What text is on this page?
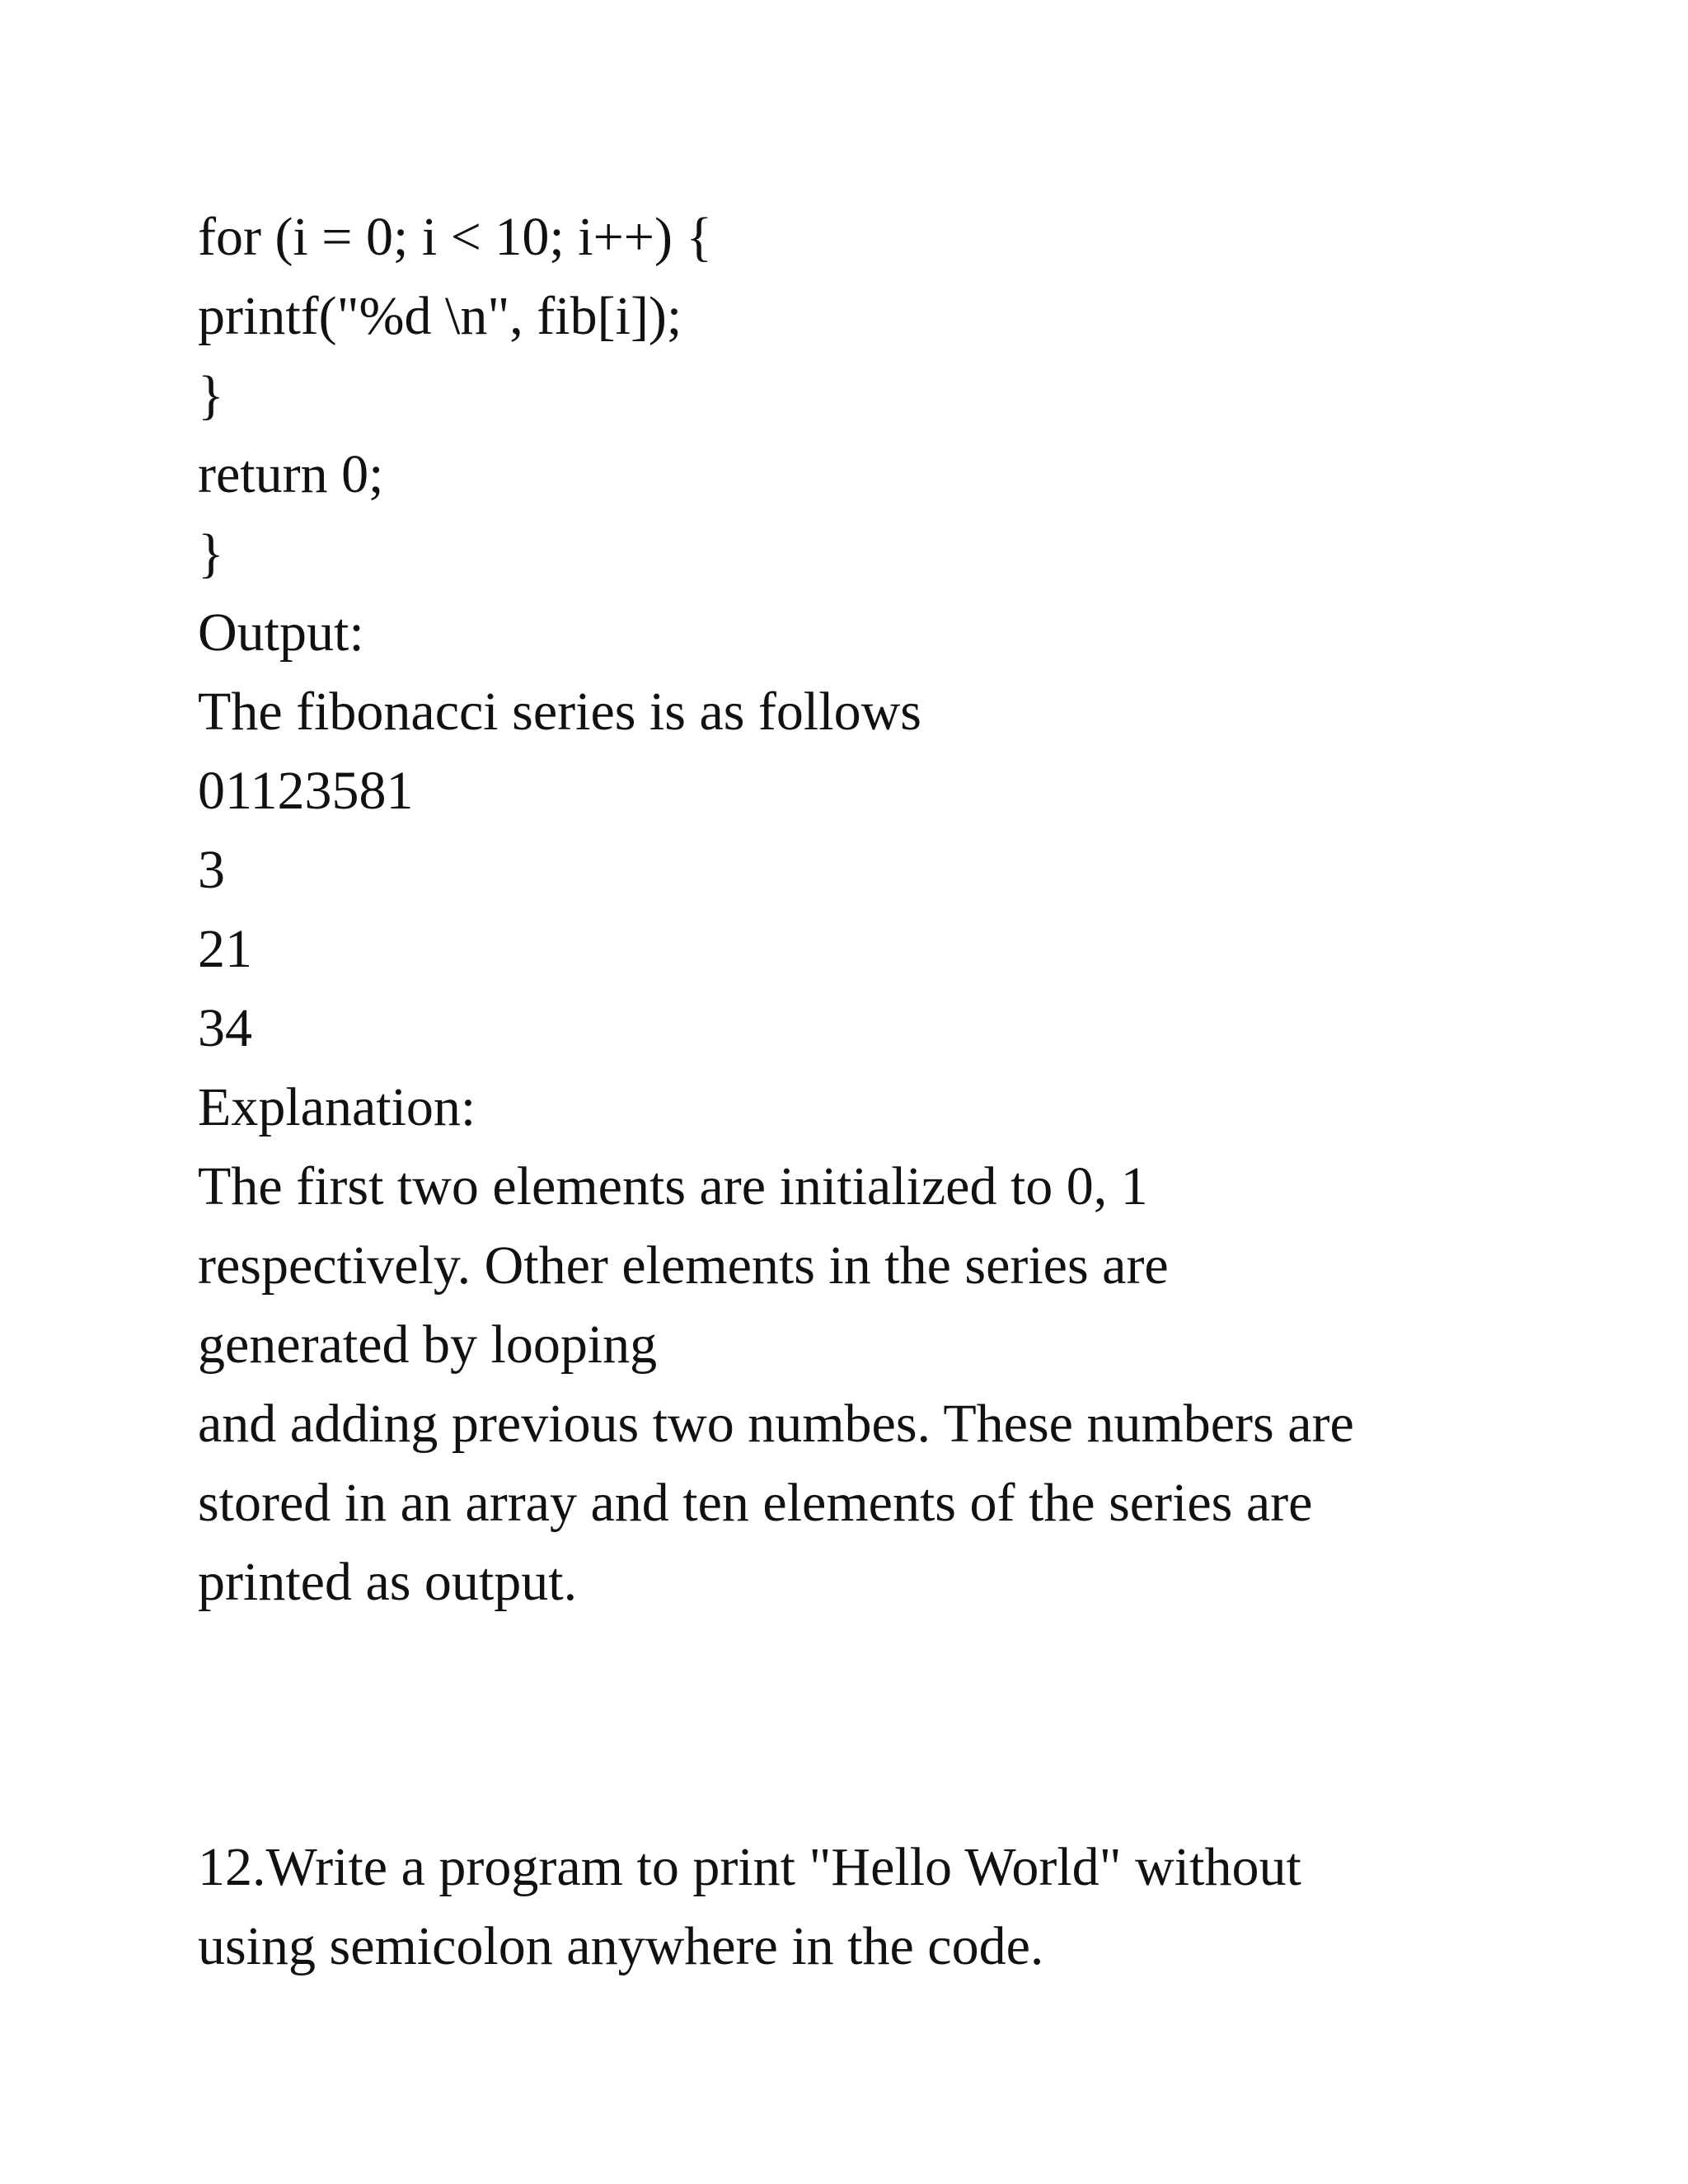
for (i = 0; i < 10; i++) {
printf("%d \n", fib[i]);
}
return 0;
}
Output:
The fibonacci series is as follows
01123581
3
21
34
Explanation:
The first two elements are initialized to 0, 1
respectively. Other elements in the series are
generated by looping
and adding previous two numbes. These numbers are
stored in an array and ten elements of the series are
printed as output.
12.Write a program to print "Hello World" without
using semicolon anywhere in the code.
